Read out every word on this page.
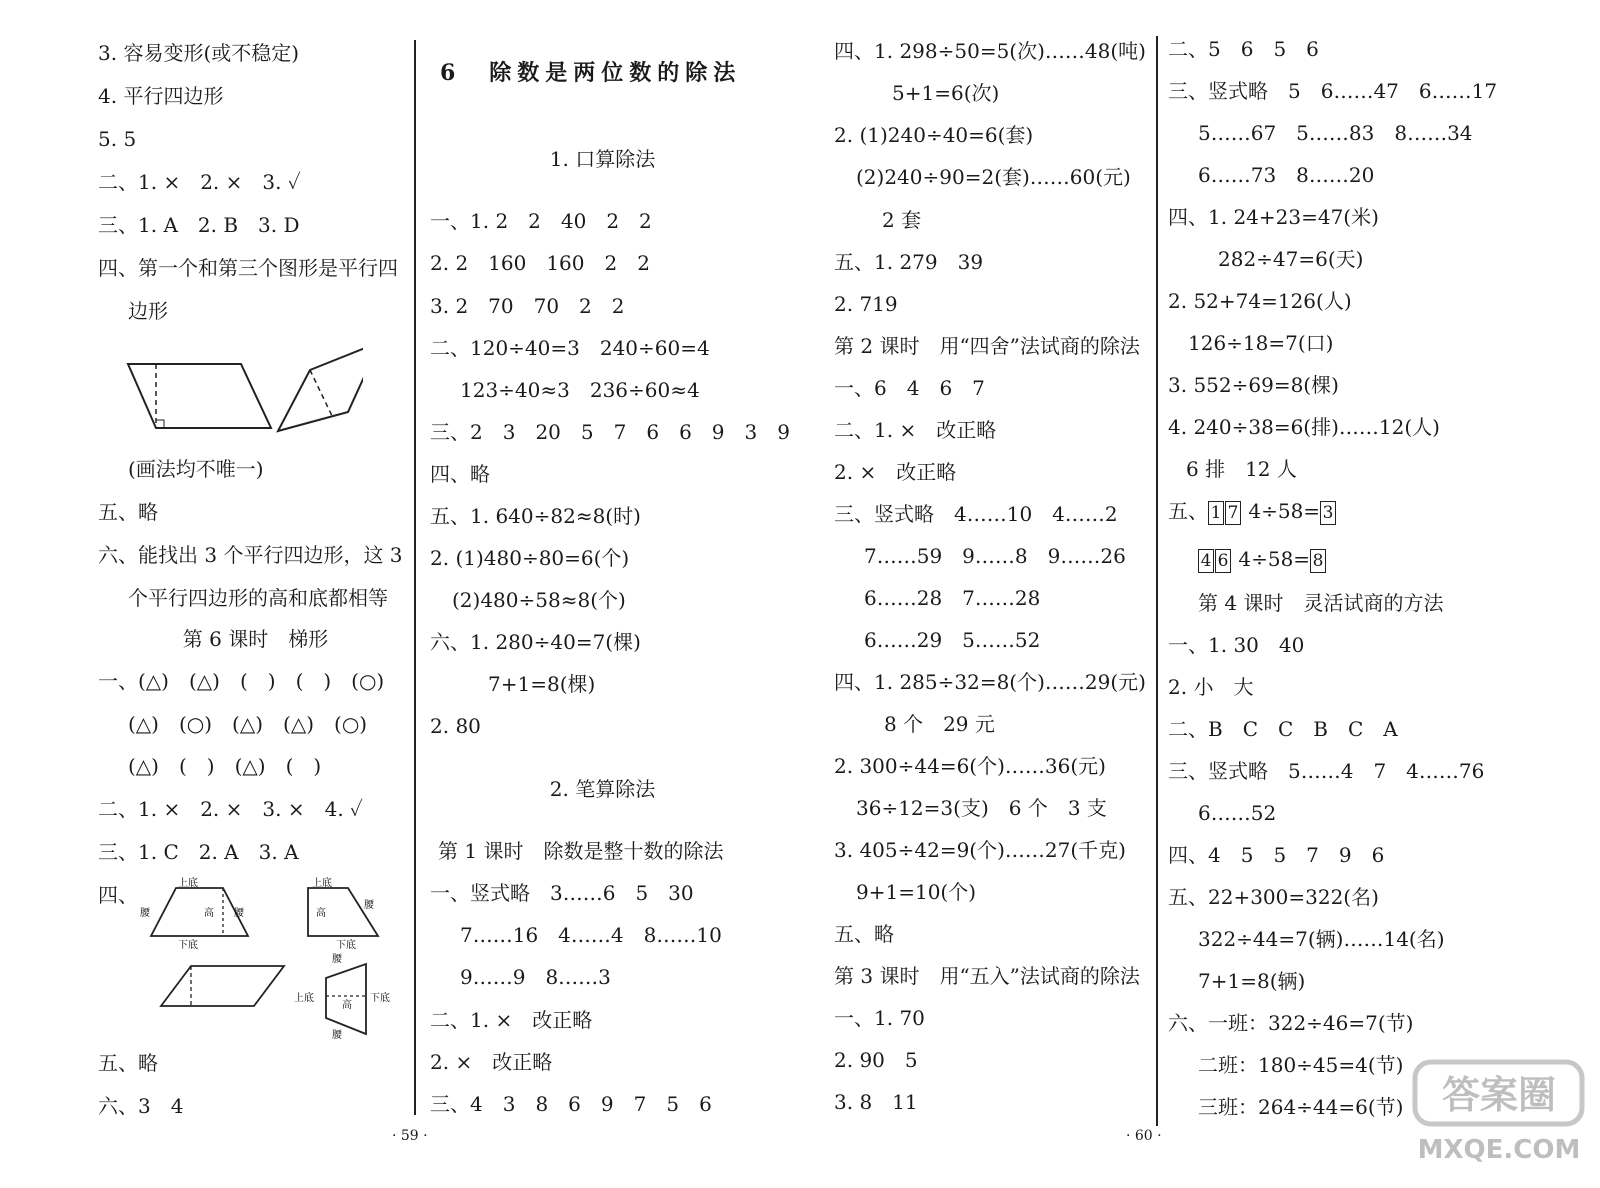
3. 容易变形(或不稳定)
4. 平行四边形
5. 5
二、1. ×　2. ×　3. ✓
三、1. A　2. B　3. D
四、第一个和第三个图形是平行四
边形
(画法均不唯一)
五、略
六、能找出 3 个平行四边形，这 3
个平行四边形的高和底都相等
第 6 课时　梯形
一、(△)　(△)　(　)　(　)　(○)
(△)　(○)　(△)　(△)　(○)
(△)　(　)　(△)　(　)
二、1. ×　2. ×　3. ×　4. ✓
三、1. C　2. A　3. A
四、	上底
下底
腰	腰
高
上底
高
腰
下底
腰
上底	下底
高
腰
五、略
六、3　4
6　除数是两位数的除法
1. 口算除法
一、1. 2　2　40　2　2
2. 2　160　160　2　2
3. 2　70　70　2　2
二、120÷40=3　240÷60=4
123÷40≈3　236÷60≈4
三、2　3　20　5　7　6　6　9　3　9
四、略
五、1. 640÷82≈8(时)
2. (1)480÷80=6(个)
(2)480÷58≈8(个)
六、1. 280÷40=7(棵)
7+1=8(棵)
2. 80
2. 笔算除法
第 1 课时　除数是整十数的除法
一、竖式略　3……6　5　30
7……16　4……4　8……10
9……9　8……3
二、1. ×　改正略
2. ×　改正略
三、4　3　8　6　9　7　5　6
· 59 ·
四、1. 298÷50=5(次)……48(吨)
5+1=6(次)
2. (1)240÷40=6(套)
(2)240÷90=2(套)……60(元)
2 套
五、1. 279　39
2. 719
第 2 课时　用“四舍”法试商的除法
一、6　4　6　7
二、1. ×　改正略
2. ×　改正略
三、竖式略　4……10　4……2
7……59　9……8　9……26
6……28　7……28
6……29　5……52
四、1. 285÷32=8(个)……29(元)
8 个　29 元
2. 300÷44=6(个)……36(元)
36÷12=3(支)　6 个　3 支
3. 405÷42=9(个)……27(千克)
9+1=10(个)
五、略
第 3 课时　用“五入”法试商的除法
一、1. 70
2. 90　5
3. 8　11
二、5　6　5　6
三、竖式略　5　6……47　6……17
5……67　5……83　8……34
6……73　8……20
四、1. 24+23=47(米)
282÷47=6(天)
2. 52+74=126(人)
126÷18=7(口)
3. 552÷69=8(棵)
4. 240÷38=6(排)……12(人)
6 排　12 人
五、 1 7 4÷58= 3
4 6 4÷58= 8
第 4 课时　灵活试商的方法
一、1. 30　40
2. 小　大
二、B　C　C　B　C　A
三、竖式略　5……4　7　4……76
6……52
四、4　5　5　7　9　6
五、22+300=322(名)
322÷44=7(辆)……14(名)
7+1=8(辆)
六、一班：322÷46=7(节)
二班：180÷45=4(节)
三班：264÷44=6(节)
· 60 ·
答案圈
MXQE.COM
